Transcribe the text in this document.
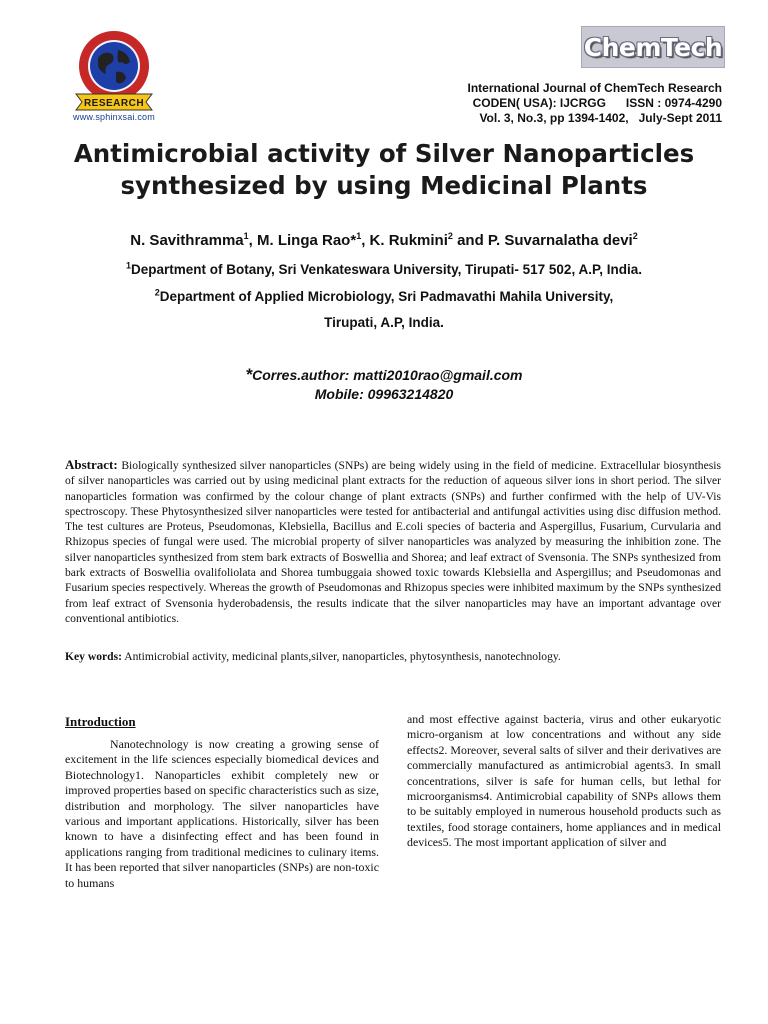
RESEARCH
www.sphinxsai.com
ChemTech
International Journal of ChemTech Research
CODEN( USA): IJCRGG      ISSN : 0974-4290
Vol. 3, No.3, pp 1394-1402,   July-Sept 2011
Antimicrobial activity of Silver Nanoparticles synthesized by using Medicinal Plants
N. Savithramma$^1$, M. Linga Rao*$^1$, K. Rukmini$^2$ and P. Suvarnalatha devi$^2$
$^1$Department of Botany, Sri Venkateswara University, Tirupati- 517 502, A.P, India.
$^2$Department of Applied Microbiology, Sri Padmavathi Mahila University,
Tirupati, A.P, India.
*Corres.author: matti2010rao@gmail.com
Mobile: 09963214820
Abstract: Biologically synthesized silver nanoparticles (SNPs) are being widely using in the field of medicine. Extracellular biosynthesis of silver nanoparticles was carried out by using medicinal plant extracts for the reduction of aqueous silver ions in short period. The silver nanoparticles formation was confirmed by the colour change of plant extracts (SNPs) and further confirmed with the help of UV-Vis spectroscopy. These Phytosynthesized silver nanoparticles were tested for antibacterial and antifungal activities using disc diffusion method. The test cultures are Proteus, Pseudomonas, Klebsiella, Bacillus and E.coli species of bacteria and Aspergillus, Fusarium, Curvularia and Rhizopus species of fungal were used. The microbial property of silver nanoparticles was analyzed by measuring the inhibition zone. The silver nanoparticles synthesized from stem bark extracts of Boswellia and Shorea; and leaf extract of Svensonia. The SNPs synthesized from bark extracts of Boswellia ovalifoliolata and Shorea tumbuggaia showed toxic towards Klebsiella and Aspergillus; and Pseudomonas and Fusarium species respectively. Whereas the growth of Pseudomonas and Rhizopus species were inhibited maximum by the SNPs synthesized from leaf extract of Svensonia hyderobadensis, the results indicate that the silver nanoparticles may have an important advantage over conventional antibiotics.
Key words: Antimicrobial activity, medicinal plants,silver, nanoparticles, phytosynthesis, nanotechnology.
Introduction

Nanotechnology is now creating a growing sense of excitement in the life sciences especially biomedical devices and Biotechnology1. Nanoparticles exhibit completely new or improved properties based on specific characteristics such as size, distribution and morphology. The silver nanoparticles have various and important applications. Historically, silver has been known to have a disinfecting effect and has been found in applications ranging from traditional medicines to culinary items. It has been reported that silver nanoparticles (SNPs) are non-toxic to humans

and most effective against bacteria, virus and other eukaryotic micro-organism at low concentrations and without any side effects2. Moreover, several salts of silver and their derivatives are commercially manufactured as antimicrobial agents3. In small concentrations, silver is safe for human cells, but lethal for microorganisms4. Antimicrobial capability of SNPs allows them to be suitably employed in numerous household products such as textiles, food storage containers, home appliances and in medical devices5. The most important application of silver and
